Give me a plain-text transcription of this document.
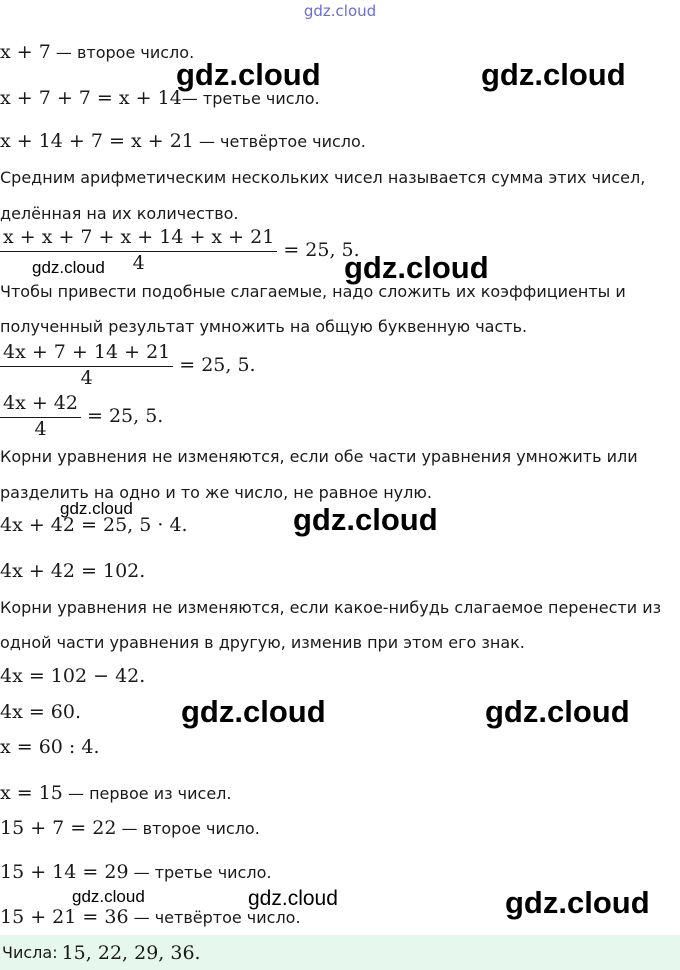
gdz.cloud
x + 7 — второе число.
x + 7 + 7 = x + 14— третье число.
x + 14 + 7 = x + 21 — четвёртое число.
Средним арифметическим нескольких чисел называется сумма этих чисел,
делённая на их количество.
$\frac{x + x + 7 + x + 14 + x + 21}{4} = 25$, 5.
Чтобы привести подобные слагаемые, надо сложить их коэффициенты и
полученный результат умножить на общую буквенную часть.
$\frac{4x + 7 + 14 + 21}{4} = 25$, 5.
$\frac{4x + 42}{4} = 25$, 5.
Корни уравнения не изменяются, если обе части уравнения умножить или
разделить на одно и то же число, не равное нулю.
4x + 42 = 25, 5 · 4.
4x + 42 = 102.
Корни уравнения не изменяются, если какое-нибудь слагаемое перенести из
одной части уравнения в другую, изменив при этом его знак.
4x = 102 − 42.
4x = 60.
x = 60 : 4.
x = 15 — первое из чисел.
15 + 7 = 22 — второе число.
15 + 14 = 29 — третье число.
15 + 21 = 36 — четвёртое число.
Числа: 15, 22, 29, 36.
gdz.cloud	gdz.cloud
gdz.cloud	gdz.cloud
gdz.cloud	gdz.cloud
gdz.cloud	gdz.cloud
gdz.cloud	gdz.cloud	gdz.cloud
